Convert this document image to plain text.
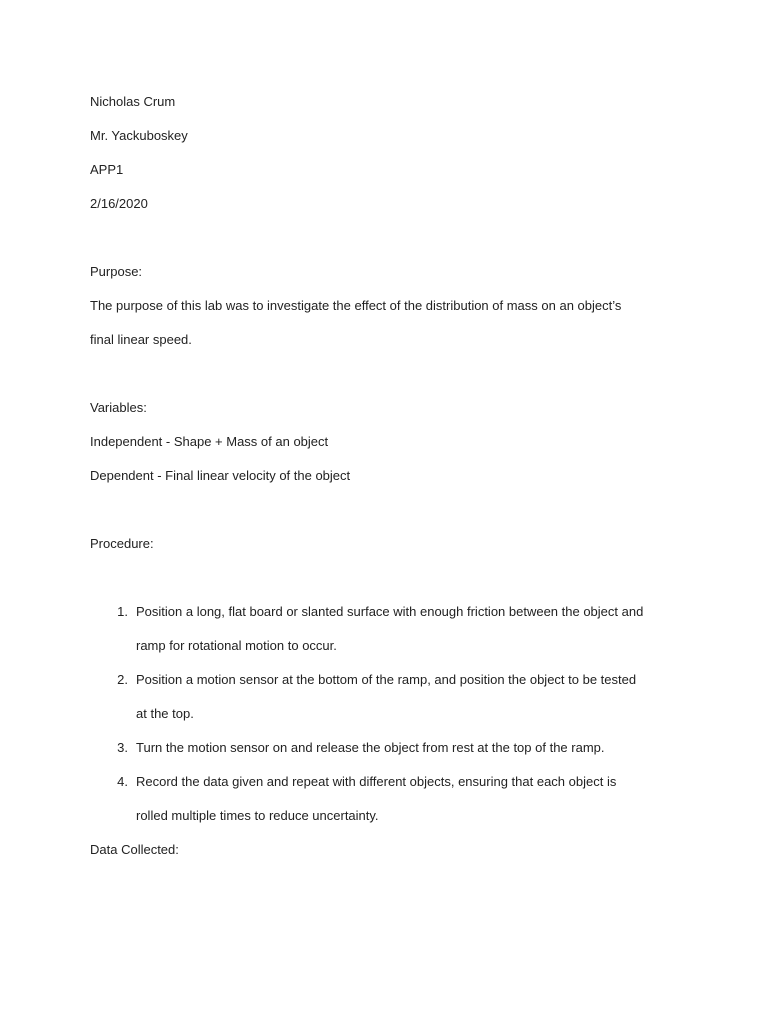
Nicholas Crum
Mr. Yackuboskey
APP1
2/16/2020
Purpose:
The purpose of this lab was to investigate the effect of the distribution of mass on an object’s
final linear speed.
Variables:
Independent - Shape + Mass of an object
Dependent - Final linear velocity of the object
Procedure:
1. Position a long, flat board or slanted surface with enough friction between the object and
ramp for rotational motion to occur.
2. Position a motion sensor at the bottom of the ramp, and position the object to be tested
at the top.
3. Turn the motion sensor on and release the object from rest at the top of the ramp.
4. Record the data given and repeat with different objects, ensuring that each object is
rolled multiple times to reduce uncertainty.
Data Collected:
